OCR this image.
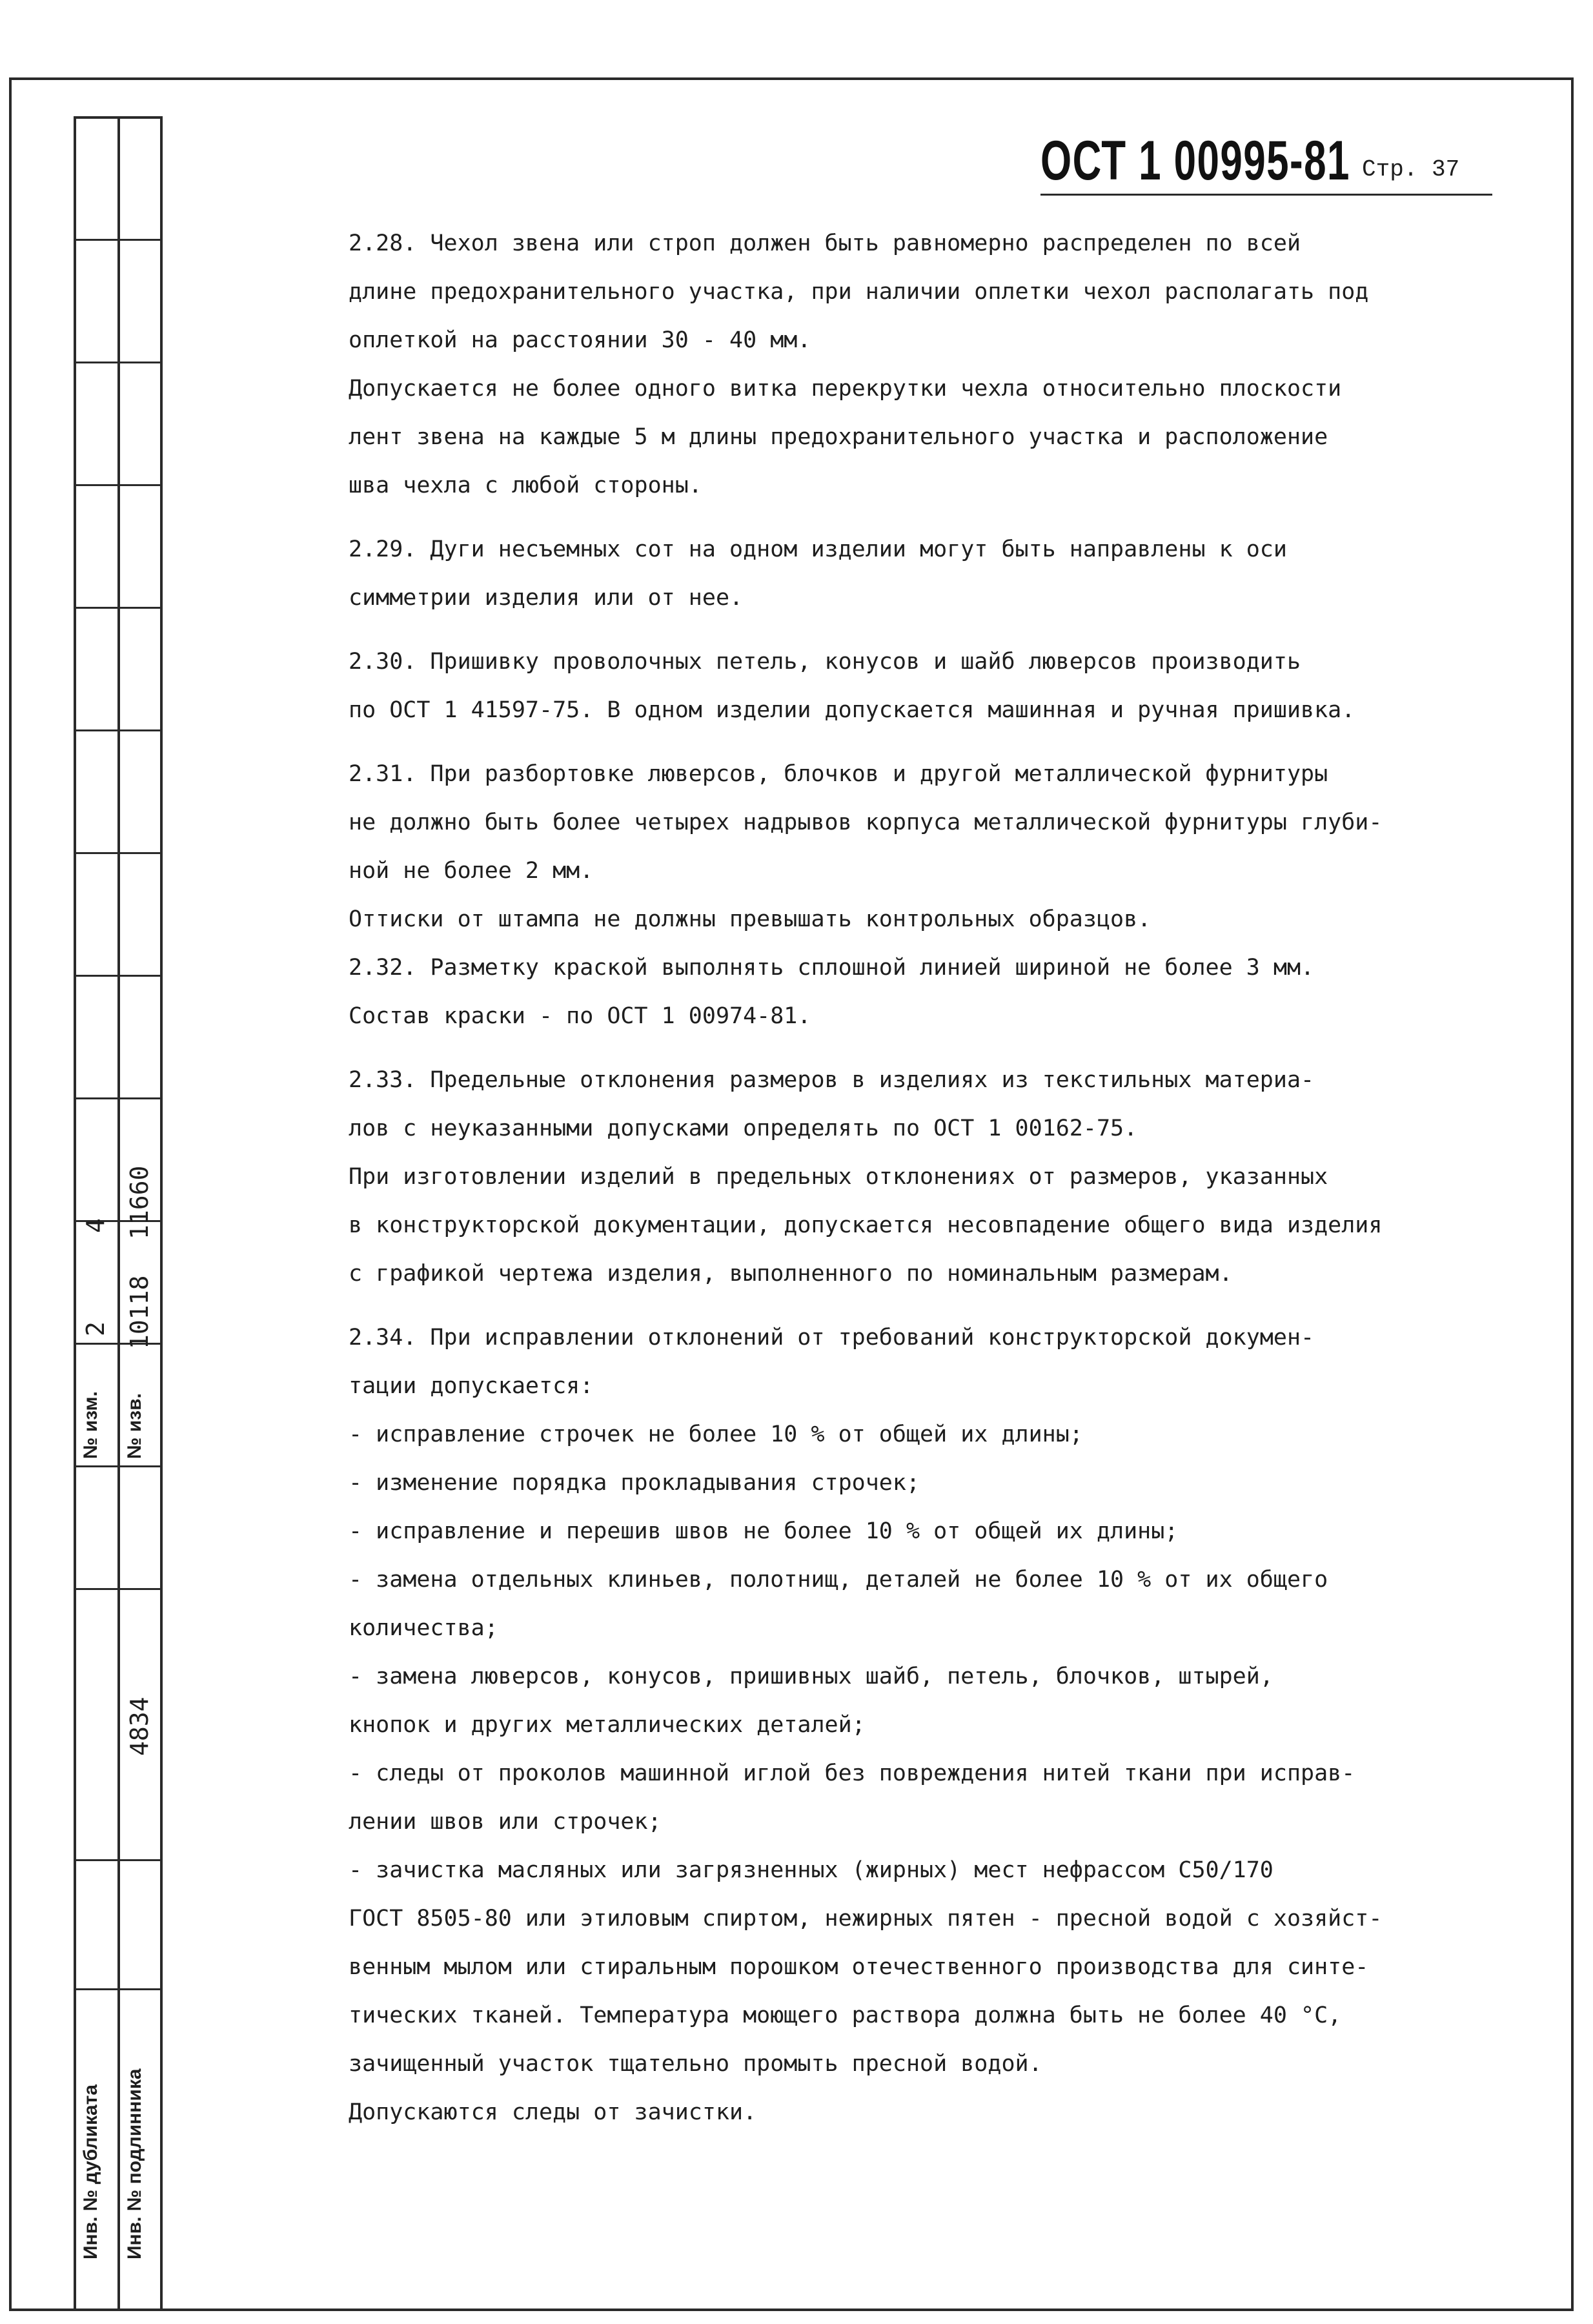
4 11660
2 10118
№ изм. № изв.
4834
Инв. № дубликата Инв. № подлинника
ОСТ 1 00995-81 Стр. 37

2.28. Чехол звена или строп должен быть равномерно распределен по всей
длине предохранительного участка, при наличии оплетки чехол располагать под
оплеткой на расстоянии 30 - 40 мм.

Допускается не более одного витка перекрутки чехла относительно плоскости
лент звена на каждые 5 м длины предохранительного участка и расположение
шва чехла с любой стороны.

2.29. Дуги несъемных сот на одном изделии могут быть направлены к оси
симметрии изделия или от нее.

2.30. Пришивку проволочных петель, конусов и шайб люверсов производить
по ОСТ 1 41597-75. В одном изделии допускается машинная и ручная пришивка.

2.31. При разбортовке люверсов, блочков и другой металлической фурнитуры
не должно быть более четырех надрывов корпуса металлической фурнитуры глуби-
ной не более 2 мм.

Оттиски от штампа не должны превышать контрольных образцов.

2.32. Разметку краской выполнять сплошной линией шириной не более 3 мм.
Состав краски - по ОСТ 1 00974-81.

2.33. Предельные отклонения размеров в изделиях из текстильных материа-
лов с неуказанными допусками определять по ОСТ 1 00162-75.

При изготовлении изделий в предельных отклонениях от размеров, указанных
в конструкторской документации, допускается несовпадение общего вида изделия
с графикой чертежа изделия, выполненного по номинальным размерам.

2.34. При исправлении отклонений от требований конструкторской докумен-
тации допускается:

- исправление строчек не более 10 % от общей их длины;

- изменение порядка прокладывания строчек;

- исправление и перешив швов не более 10 % от общей их длины;

- замена отдельных клиньев, полотнищ, деталей не более 10 % от их общего
количества;

- замена люверсов, конусов, пришивных шайб, петель, блочков, штырей,
кнопок и других металлических деталей;

- следы от проколов машинной иглой без повреждения нитей ткани при исправ-
лении швов или строчек;

- зачистка масляных или загрязненных (жирных) мест нефрассом С50/170
ГОСТ 8505-80 или этиловым спиртом, нежирных пятен - пресной водой с хозяйст-
венным мылом или стиральным порошком отечественного производства для синте-
тических тканей. Температура моющего раствора должна быть не более 40 °С,
зачищенный участок тщательно промыть пресной водой.

Допускаются следы от зачистки.
